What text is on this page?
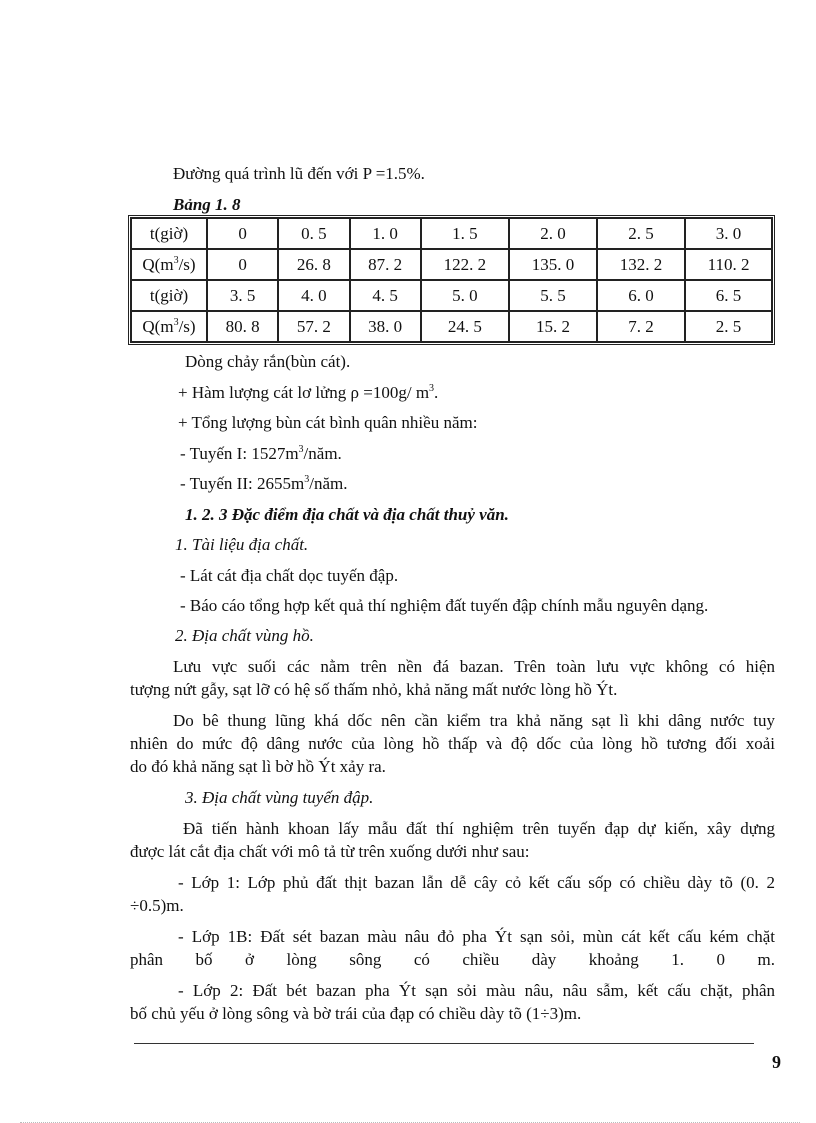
Đường quá trình lũ đến với P =1.5%.
Bảng 1. 8
t(giờ)	0	0. 5	1. 0	1. 5	2. 0	2. 5	3. 0
$Q(m^3/s)$	0	26. 8	87. 2	122. 2	135. 0	132. 2	110. 2
t(giờ)	3. 5	4. 0	4. 5	5. 0	5. 5	6. 0	6. 5
$Q(m^3/s)$	80. 8	57. 2	38. 0	24. 5	15. 2	7. 2	2. 5
Dòng chảy rắn(bùn cát).
+ Hàm lượng cát lơ lửng ρ =100g/ $m^3$.
+ Tổng lượng bùn cát bình quân nhiều năm:
- Tuyến I: $1527m^3$/năm.
- Tuyến II: $2655m^3$/năm.
1. 2. 3 Đặc điểm địa chất và địa chất thuỷ văn.
1. Tài liệu địa chất.
- Lát cát địa chất dọc tuyến đập.
- Báo cáo tổng hợp kết quả thí nghiệm đất tuyến đập chính mẫu nguyên dạng.
2. Địa chất vùng hồ.
Lưu vực suối các nằm trên nền đá bazan. Trên toàn lưu vực không có hiện
tượng nứt gẫy, sạt lỡ có hệ số thấm nhỏ, khả năng mất nước lòng hồ Ýt.
Do bê thung lũng khá dốc nên cần kiểm tra khả năng sạt lì khi dâng nước tuy
nhiên do mức độ dâng nước của lòng hồ thấp và độ dốc của lòng hồ tương đối xoải
do đó khả năng sạt lì bờ hồ Ýt xảy ra.
3. Địa chất vùng tuyến đập.
Đã tiến hành khoan lấy mẫu đất thí nghiệm trên tuyến đạp dự kiến, xây dựng
được lát cắt địa chất với mô tả từ trên xuống dưới như sau:
- Lớp 1: Lớp phủ đất thịt bazan lẫn dễ cây cỏ kết cấu sốp có chiều dày tõ (0. 2
÷0.5)m.
- Lớp 1B: Đất sét bazan màu nâu đỏ pha Ýt sạn sỏi, mùn cát kết cấu kém chặt
phân bố ở lòng sông có chiều dày khoảng 1. 0 m.
- Lớp 2: Đất bét bazan pha Ýt sạn sỏi màu nâu, nâu sẫm, kết cấu chặt, phân
bố chủ yếu ở lòng sông và bờ trái của đạp có chiều dày tõ (1÷3)m.
9
